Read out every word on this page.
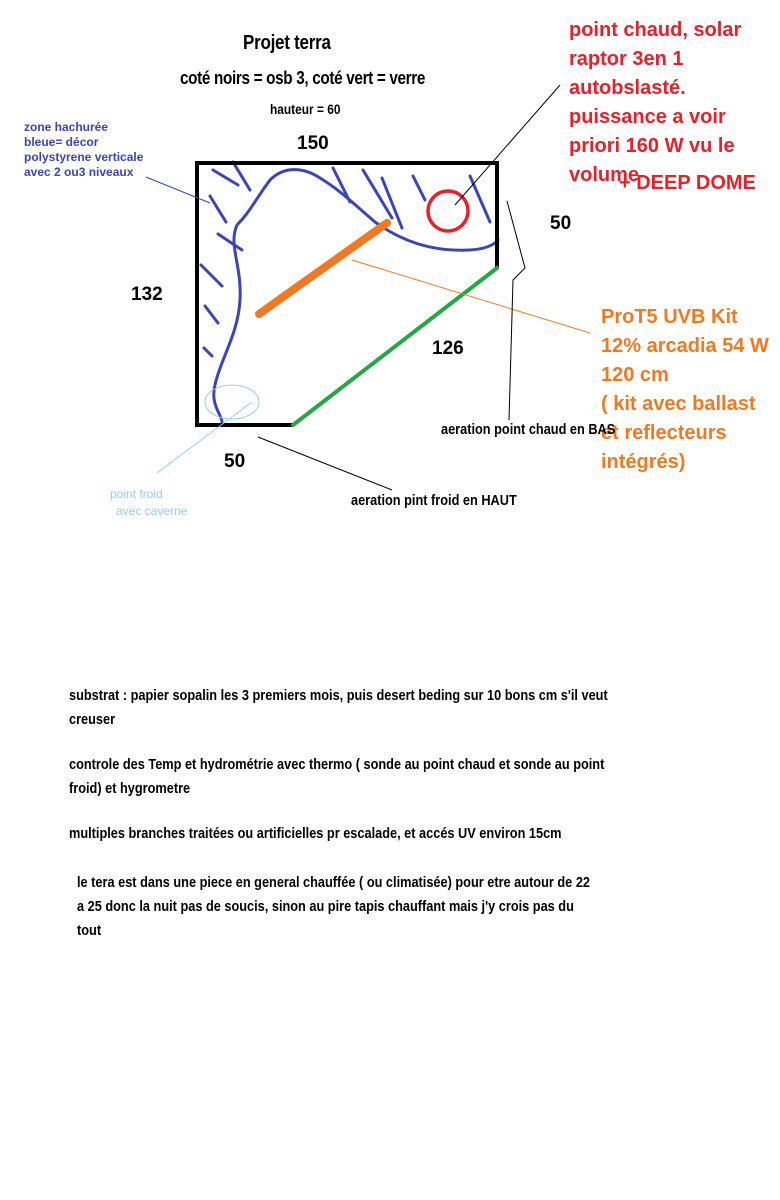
Projet terra
coté noirs = osb 3, coté vert = verre
hauteur = 60
150
132
50
50
126
point chaud, solar raptor 3en 1 autobslasté.
puissance a voir priori 160 W vu le volume
+ DEEP DOME
zone hachurée bleue= décor polystyrene verticale avec 2 ou3 niveaux
ProT5 UVB Kit 12% arcadia 54 W 120 cm
( kit avec ballast et reflecteurs intégrés)
point froid
avec caverne
aeration point chaud en BAS
aeration pint froid en HAUT
substrat : papier sopalin les 3 premiers mois, puis desert beding sur 10 bons cm s'il veut creuser
controle des Temp et hydrométrie avec thermo ( sonde au point chaud et sonde au point froid) et hygrometre
multiples branches traitées ou artificielles pr escalade, et accés UV environ 15cm
le tera est dans une piece en general chauffée ( ou climatisée) pour etre autour de 22 a 25 donc la nuit pas de soucis, sinon au pire tapis chauffant mais j'y crois pas du tout
